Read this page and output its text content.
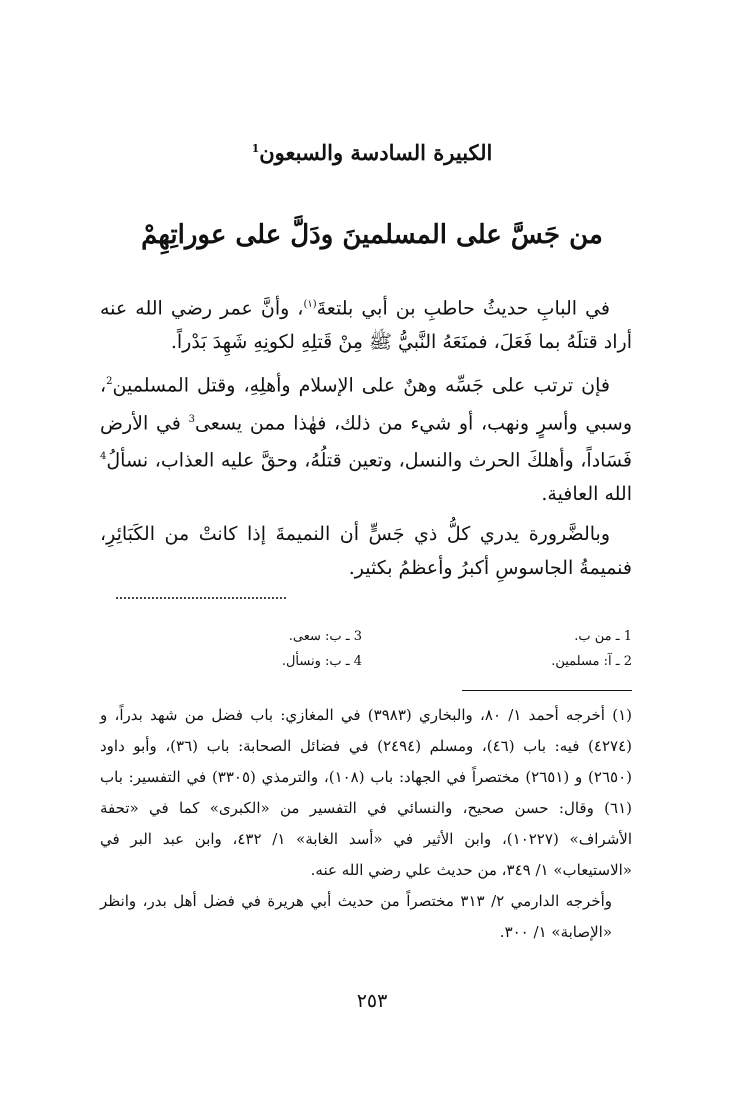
الكبيرة السادسة والسبعون$^1$
من جَسَّ على المسلمينَ ودَلَّ على عوراتِهِمْ

في البابِ حديثُ حاطبِ بن أبي بلتعةَ$^{(١)}$، وأنَّ عمر رضي الله عنه أراد قتلَهُ بما فَعَلَ، فمنَعَهُ النَّبيُّ ﷺ مِنْ قَتلِهِ لكونِهِ شَهِدَ بَدْراً.

فإن ترتب على جَسِّه وهنٌ على الإسلام وأهلِهِ، وقتل المسلمين$^2$، وسبي وأسرٍ ونهب، أو شيء من ذلك، فهٰذا ممن يسعى$^3$ في الأرض فَسَاداً، وأهلكَ الحرث والنسل، وتعين قتلُهُ، وحقَّ عليه العذاب، نسألُ$^4$ الله العافية.

وبالضَّرورة يدري كلُّ ذي جَسٍّ أن النميمةَ إذا كانتْ من الكَبَائِرِ، فنميمةُ الجاسوسِ أكبرُ وأعظمُ بكثير.

1 ـ من ب.
2 ـ آ: مسلمين.
3 ـ ب: سعى.
4 ـ ب: ونسأل.

(١) أخرجه أحمد ١/ ٨٠، والبخاري (٣٩٨٣) في المغازي: باب فضل من شهد بدراً، و (٤٢٧٤) فيه: باب (٤٦)، ومسلم (٢٤٩٤) في فضائل الصحابة: باب (٣٦)، وأبو داود (٢٦٥٠) و (٢٦٥١) مختصراً في الجهاد: باب (١٠٨)، والترمذي (٣٣٠٥) في التفسير: باب (٦١) وقال: حسن صحيح، والنسائي في التفسير من «الكبرى» كما في «تحفة الأشراف» (١٠٢٢٧)، وابن الأثير في «أسد الغابة» ١/ ٤٣٢، وابن عبد البر في «الاستيعاب» ١/ ٣٤٩، من حديث علي رضي الله عنه.

وأخرجه الدارمي ٢/ ٣١٣ مختصراً من حديث أبي هريرة في فضل أهل بدر، وانظر «الإصابة» ١/ ٣٠٠.

٢٥٣
